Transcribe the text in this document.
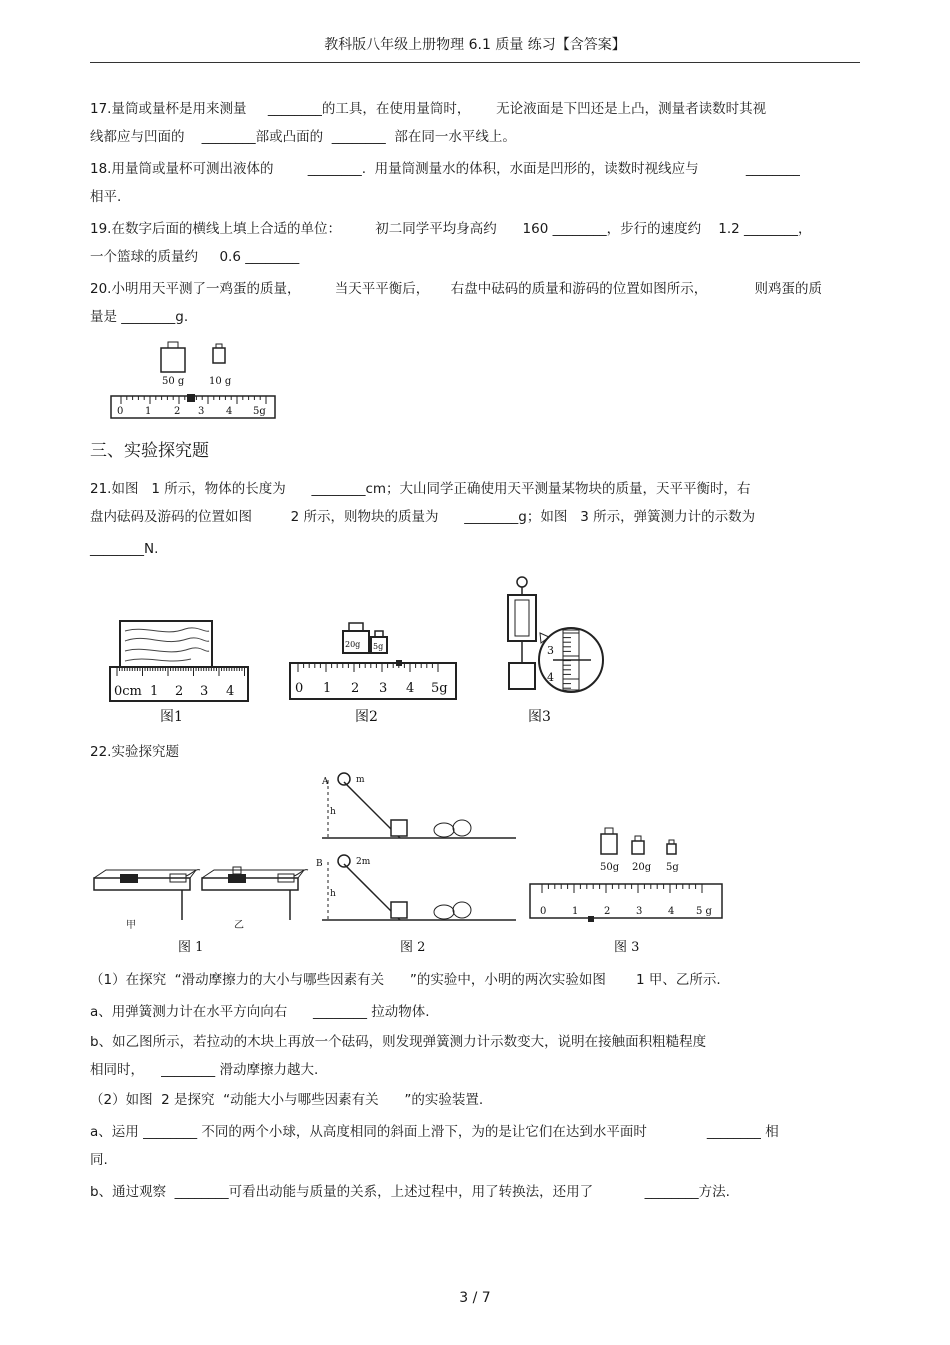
教科版八年级上册物理 6.1 质量 练习【含答案】
17.量筒或量杯是用来测量     ________的工具，在使用量筒时，      无论液面是下凹还是上凸，测量者读数时其视
线都应与凹面的    ________部或凸面的  ________  部在同一水平线上。
18.用量筒或量杯可测出液体的        ________.  用量筒测量水的体积，水面是凹形的，读数时视线应与           ________
相平.
19.在数字后面的横线上填上合适的单位：        初二同学平均身高约      160 ________，步行的速度约    1.2 ________，
一个篮球的质量约     0.6 ________
20.小明用天平测了一鸡蛋的质量，        当天平平衡后，     右盘中砝码的质量和游码的位置如图所示，           则鸡蛋的质
量是 ________g.
50 g 10 g
0 1 2 3 4 5g
三、实验探究题
21.如图   1 所示，物体的长度为      ________cm；大山同学正确使用天平测量某物块的质量，天平平衡时，右
盘内砝码及游码的位置如图         2 所示，则物块的质量为      ________g；如图   3 所示，弹簧测力计的示数为
________N.
0cm 1 2 3 4
图1
20g 5g
0 1 2 3 4 5g
图2
3
4
图3
22.实验探究题
甲	乙
图 1
A	m
h
B	2m
h
图 2
50g 20g 5g
0	1	2	3	4 5 g
图 3
（1）在探究  “滑动摩擦力的大小与哪些因素有关      ”的实验中，小明的两次实验如图       1 甲、乙所示.
a、用弹簧测力计在水平方向向右      ________ 拉动物体.
b、如乙图所示，若拉动的木块上再放一个砝码，则发现弹簧测力计示数变大，说明在接触面积粗糙程度
相同时，    ________ 滑动摩擦力越大.
（2）如图  2 是探究  “动能大小与哪些因素有关      ”的实验装置.
a、运用 ________ 不同的两个小球，从高度相同的斜面上滑下，为的是让它们在达到水平面时              ________ 相
同.
b、通过观察  ________可看出动能与质量的关系，上述过程中，用了转换法，还用了            ________方法.
3 / 7
